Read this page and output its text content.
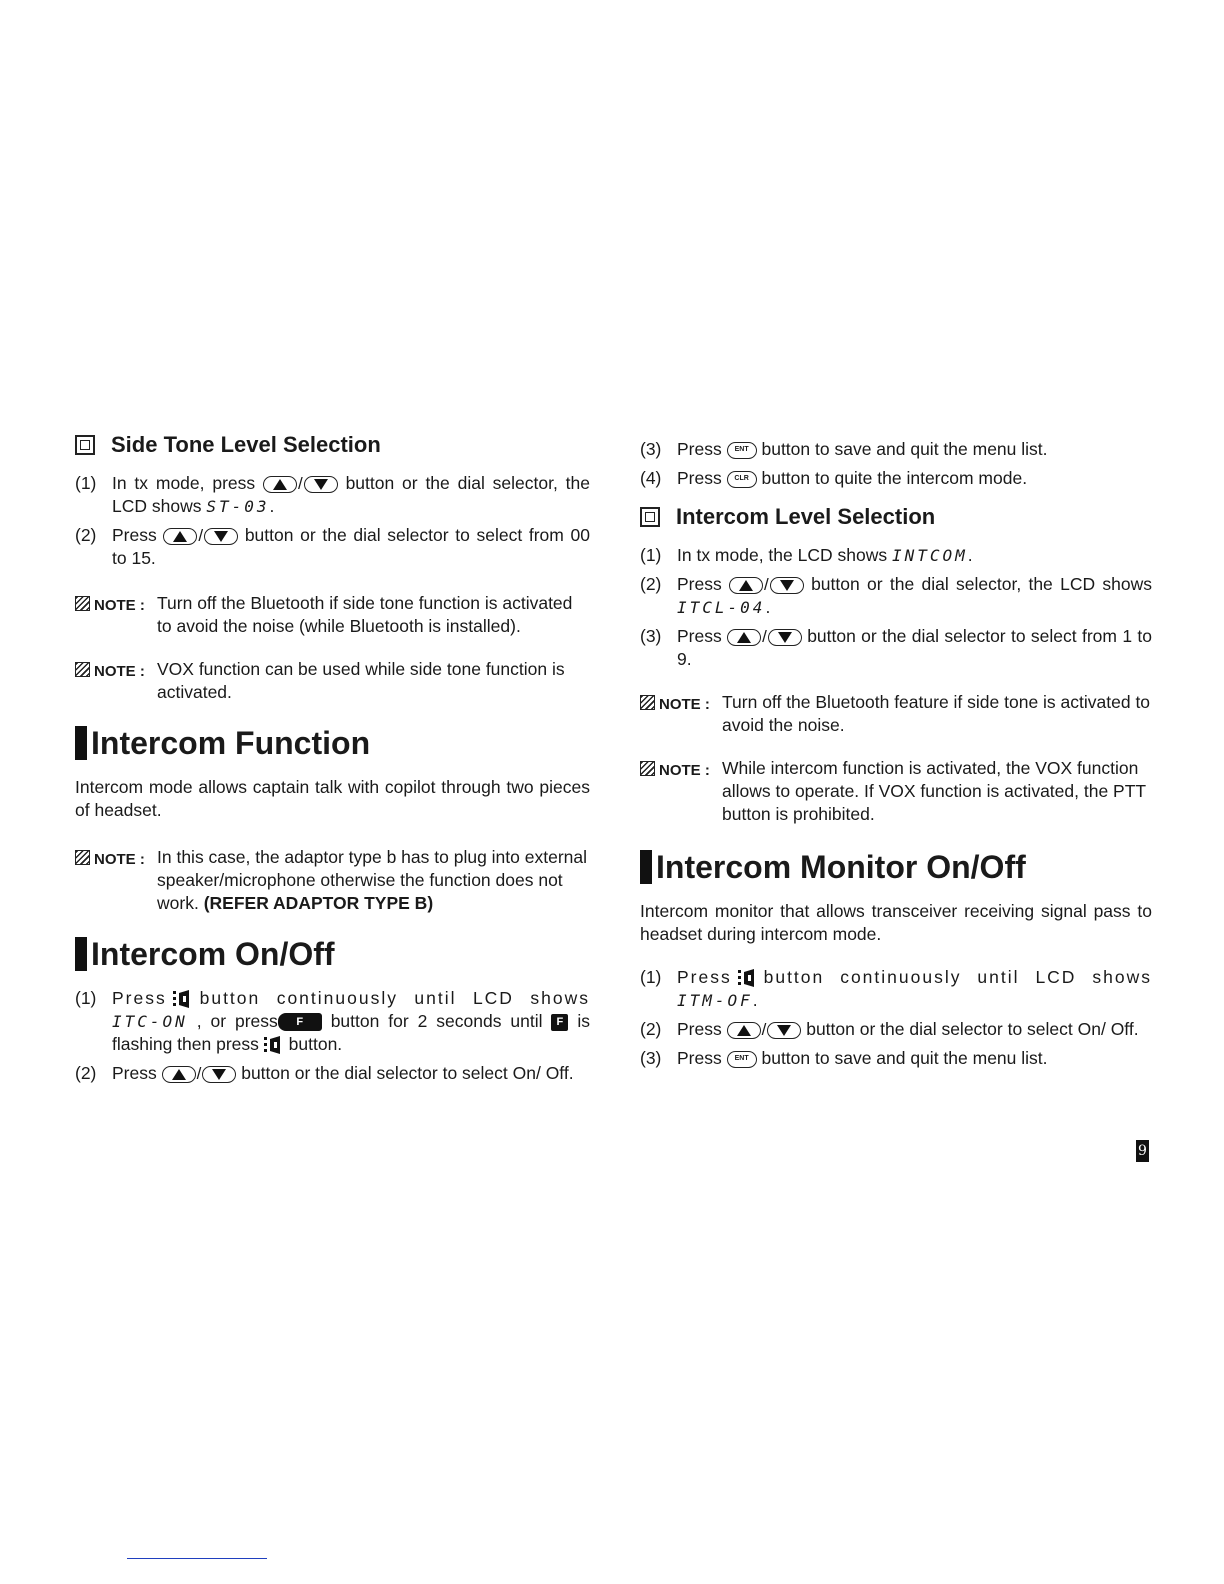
Side Tone Level Selection
(1) In tx mode, press	/ button or the dial selector, the LCD shows ST-03.
(2) Press / button or the dial selector to select from 00 to 15.
NOTE : Turn off the Bluetooth if side tone function is activated to avoid the noise (while Bluetooth is installed).
NOTE : VOX function can be used while side tone function is activated.
Intercom Function

Intercom mode allows captain talk with copilot through two pieces of headset.

NOTE : In this case, the adaptor type b has to plug into external speaker/microphone otherwise the function does not work. (REFER ADAPTOR TYPE B)
Intercom On/Off
(1) Press button continuously until LCD shows ITC-ON , or press F button for 2 seconds until F is flashing then press button.
(2) Press / button or the dial selector to select On/ Off.
(3) Press ENT button to save and quit the menu list.
(4) Press CLR button to quite the intercom mode.
Intercom Level Selection
(1) In tx mode, the LCD shows INTCOM.
(2) Press / button or the dial selector, the LCD shows ITCL-04.
(3) Press / button or the dial selector to select from 1 to 9.
NOTE : Turn off the Bluetooth feature if side tone is activated to avoid the noise.
NOTE : While intercom function is activated, the VOX function allows to operate. If VOX function is activated, the PTT button is prohibited.
Intercom Monitor On/Off

Intercom monitor that allows transceiver receiving signal pass to headset during intercom mode.

(1) Press button continuously until LCD shows ITM-OF.
(2) Press / button or the dial selector to select On/ Off.
(3) Press ENT button to save and quit the menu list.
9
